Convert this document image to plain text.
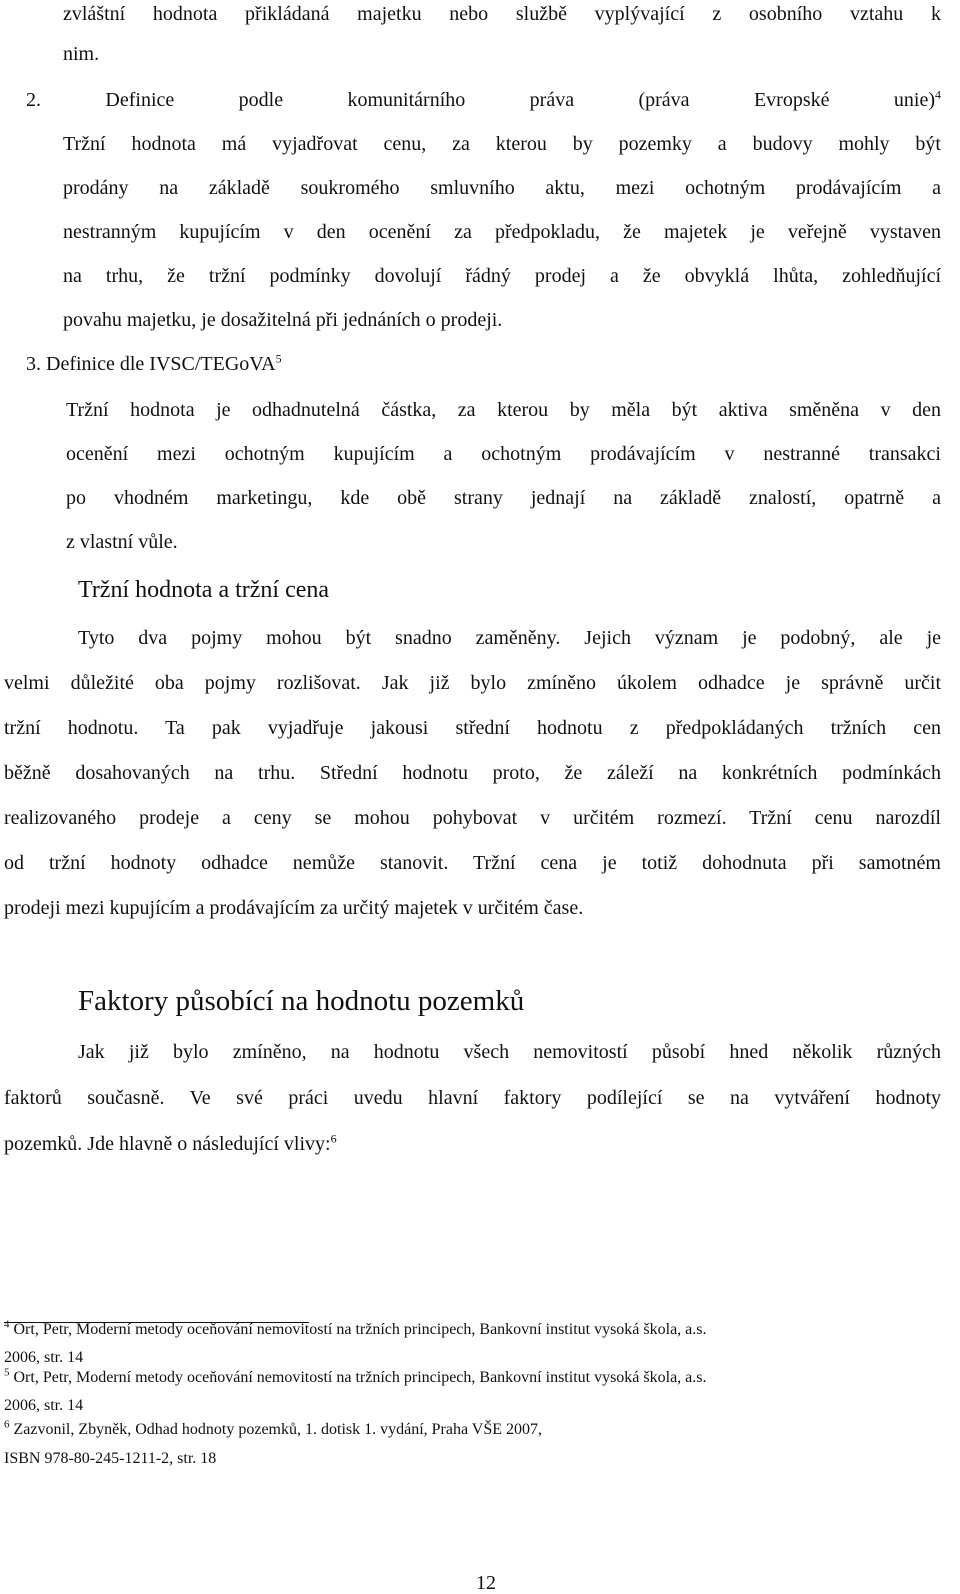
zvláštní hodnota přikládaná majetku nebo službě vyplývající z osobního vztahu k
nim.
2. Definice podle komunitárního práva (práva Evropské unie)$^4$
Tržní hodnota má vyjadřovat cenu, za kterou by pozemky a budovy mohly být
prodány na základě soukromého smluvního aktu, mezi ochotným prodávajícím a
nestranným kupujícím v den ocenění za předpokladu, že majetek je veřejně vystaven
na trhu, že tržní podmínky dovolují řádný prodej a že obvyklá lhůta, zohledňující
povahu majetku, je dosažitelná při jednáních o prodeji.
3. Definice dle IVSC/TEGoVA$^5$
Tržní hodnota je odhadnutelná částka, za kterou by měla být aktiva směněna v den
ocenění mezi ochotným kupujícím a ochotným prodávajícím v nestranné transakci
po vhodném marketingu, kde obě strany jednají na základě znalostí, opatrně a
z vlastní vůle.
Tržní hodnota a tržní cena
Tyto dva pojmy mohou být snadno zaměněny. Jejich význam je podobný, ale je
velmi důležité oba pojmy rozlišovat. Jak již bylo zmíněno úkolem odhadce je správně určit
tržní hodnotu. Ta pak vyjadřuje jakousi střední hodnotu z předpokládaných tržních cen
běžně dosahovaných na trhu. Střední hodnotu proto, že záleží na konkrétních podmínkách
realizovaného prodeje a ceny se mohou pohybovat v určitém rozmezí. Tržní cenu narozdíl
od tržní hodnoty odhadce nemůže stanovit. Tržní cena je totiž dohodnuta při samotném
prodeji mezi kupujícím a prodávajícím za určitý majetek v určitém čase.
Faktory působící na hodnotu pozemků
Jak již bylo zmíněno, na hodnotu všech nemovitostí působí hned několik různých
faktorů současně. Ve své práci uvedu hlavní faktory podílející se na vytváření hodnoty
pozemků. Jde hlavně o následující vlivy:$^6$
$^4$ Ort, Petr, Moderní metody oceňování nemovitostí na tržních principech, Bankovní institut vysoká škola, a.s.
2006, str. 14
$^5$ Ort, Petr, Moderní metody oceňování nemovitostí na tržních principech, Bankovní institut vysoká škola, a.s.
2006, str. 14
$^6$ Zazvonil, Zbyněk, Odhad hodnoty pozemků, 1. dotisk 1. vydání, Praha VŠE 2007,
ISBN 978-80-245-1211-2, str. 18
12
